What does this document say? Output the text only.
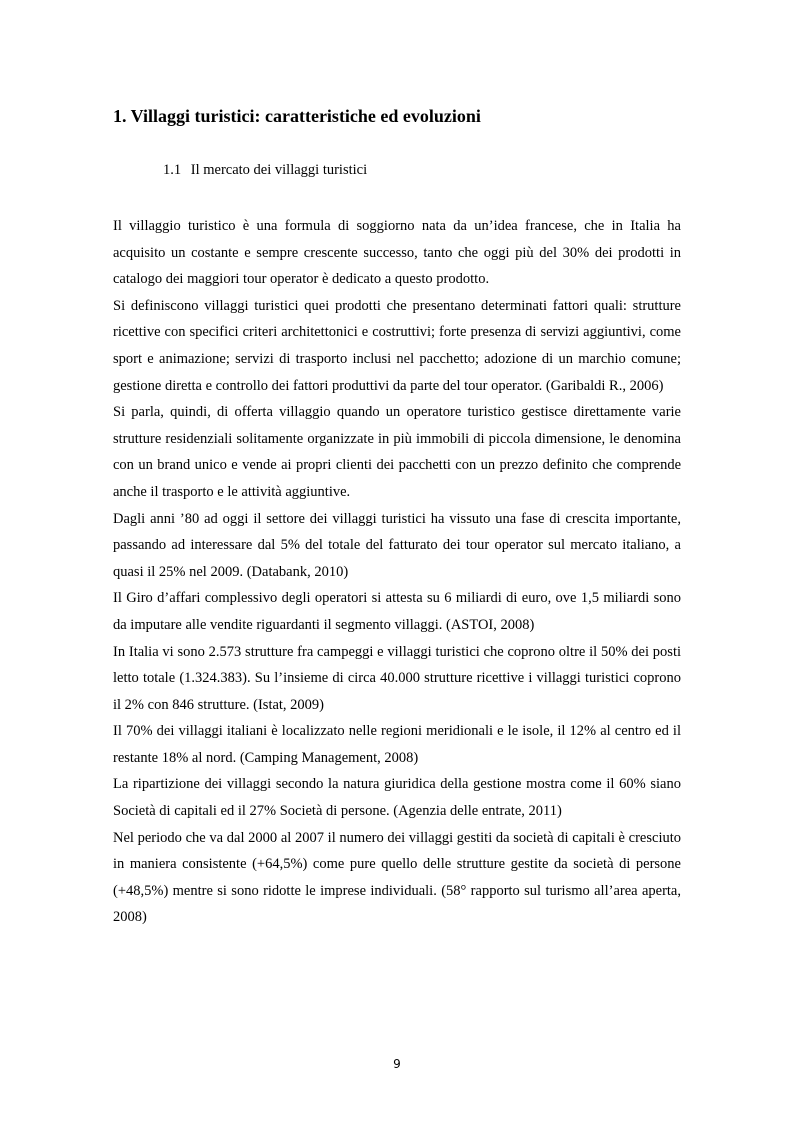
1. Villaggi turistici: caratteristiche ed evoluzioni
1.1 Il mercato dei villaggi turistici

Il villaggio turistico è una formula di soggiorno nata da un’idea francese, che in Italia ha acquisito un costante e sempre crescente successo, tanto che oggi più del 30% dei prodotti in catalogo dei maggiori tour operator è dedicato a questo prodotto.

Si definiscono villaggi turistici quei prodotti che presentano determinati fattori quali: strutture ricettive con specifici criteri architettonici e costruttivi; forte presenza di servizi aggiuntivi, come sport e animazione; servizi di trasporto inclusi nel pacchetto; adozione di un marchio comune; gestione diretta e controllo dei fattori produttivi da parte del tour operator. (Garibaldi R., 2006)

Si parla, quindi, di offerta villaggio quando un operatore turistico gestisce direttamente varie strutture residenziali solitamente organizzate in più immobili di piccola dimensione, le denomina con un brand unico e vende ai propri clienti dei pacchetti con un prezzo definito che comprende anche il trasporto e le attività aggiuntive.

Dagli anni ’80 ad oggi il settore dei villaggi turistici ha vissuto una fase di crescita importante, passando ad interessare dal 5% del totale del fatturato dei tour operator sul mercato italiano, a quasi il 25% nel 2009. (Databank, 2010)

Il Giro d’affari complessivo degli operatori si attesta su 6 miliardi di euro, ove 1,5 miliardi sono da imputare alle vendite riguardanti il segmento villaggi. (ASTOI, 2008)

In Italia vi sono 2.573 strutture fra campeggi e villaggi turistici che coprono oltre il 50% dei posti letto totale (1.324.383). Su l’insieme di circa 40.000 strutture ricettive i villaggi turistici coprono il 2% con 846 strutture. (Istat, 2009)

Il 70% dei villaggi italiani è localizzato nelle regioni meridionali e le isole, il 12% al centro ed il restante 18% al nord. (Camping Management, 2008)

La ripartizione dei villaggi secondo la natura giuridica della gestione mostra come il 60% siano Società di capitali ed il 27% Società di persone. (Agenzia delle entrate, 2011)

Nel periodo che va dal 2000 al 2007 il numero dei villaggi gestiti da società di capitali è cresciuto in maniera consistente (+64,5%) come pure quello delle strutture gestite da società di persone (+48,5%) mentre si sono ridotte le imprese individuali. (58° rapporto sul turismo all’area aperta, 2008)

9
